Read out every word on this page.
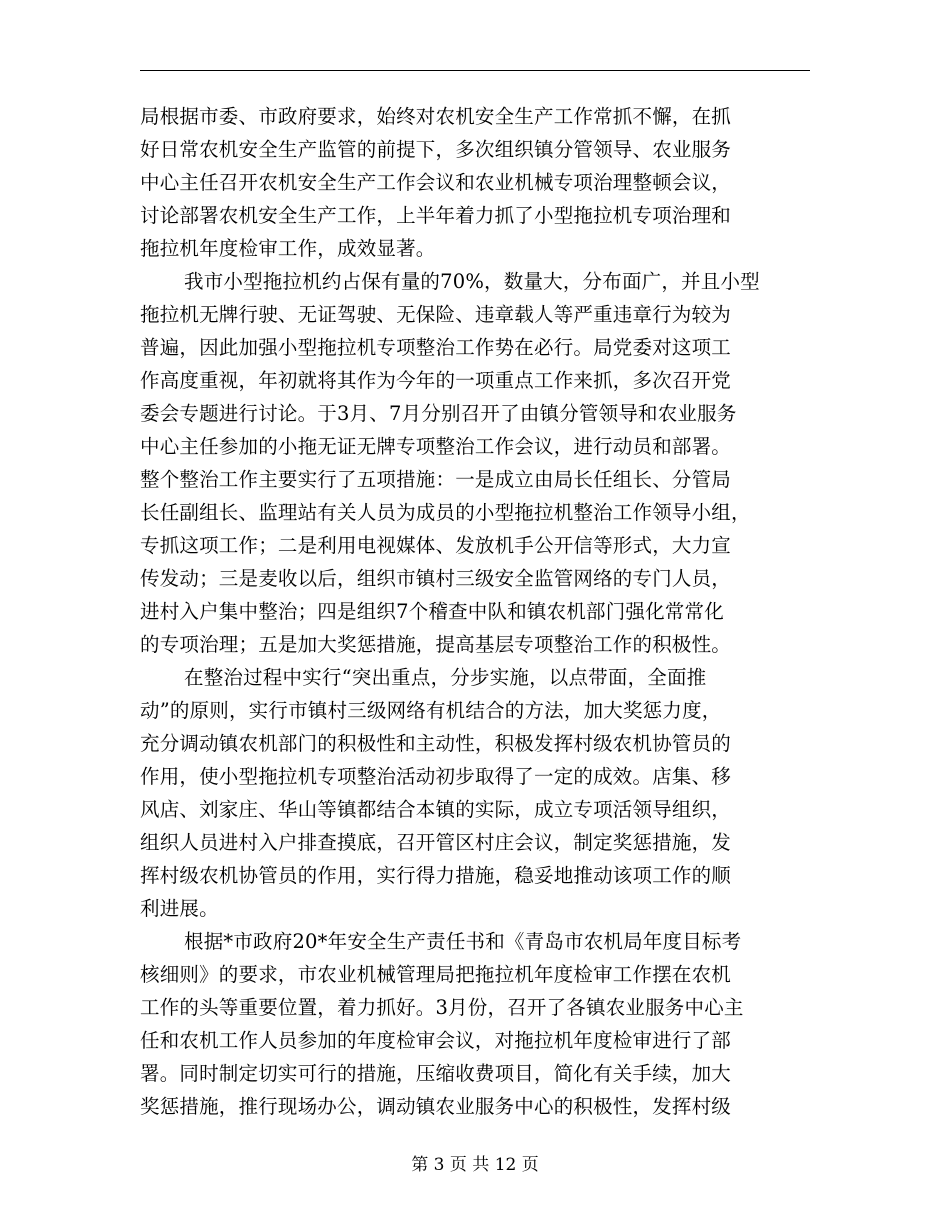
局根据市委、市政府要求，始终对农机安全生产工作常抓不懈，在抓
好日常农机安全生产监管的前提下，多次组织镇分管领导、农业服务
中心主任召开农机安全生产工作会议和农业机械专项治理整顿会议，
讨论部署农机安全生产工作，上半年着力抓了小型拖拉机专项治理和
拖拉机年度检审工作，成效显著。
我市小型拖拉机约占保有量的70%，数量大，分布面广，并且小型
拖拉机无牌行驶、无证驾驶、无保险、违章载人等严重违章行为较为
普遍，因此加强小型拖拉机专项整治工作势在必行。局党委对这项工
作高度重视，年初就将其作为今年的一项重点工作来抓，多次召开党
委会专题进行讨论。于3月、7月分别召开了由镇分管领导和农业服务
中心主任参加的小拖无证无牌专项整治工作会议，进行动员和部署。
整个整治工作主要实行了五项措施：一是成立由局长任组长、分管局
长任副组长、监理站有关人员为成员的小型拖拉机整治工作领导小组，
专抓这项工作；二是利用电视媒体、发放机手公开信等形式，大力宣
传发动；三是麦收以后，组织市镇村三级安全监管网络的专门人员，
进村入户集中整治；四是组织7个稽查中队和镇农机部门强化常常化
的专项治理；五是加大奖惩措施，提高基层专项整治工作的积极性。
在整治过程中实行“突出重点，分步实施，以点带面，全面推
动”的原则，实行市镇村三级网络有机结合的方法，加大奖惩力度，
充分调动镇农机部门的积极性和主动性，积极发挥村级农机协管员的
作用，使小型拖拉机专项整治活动初步取得了一定的成效。店集、移
风店、刘家庄、华山等镇都结合本镇的实际，成立专项活领导组织，
组织人员进村入户排查摸底，召开管区村庄会议，制定奖惩措施，发
挥村级农机协管员的作用，实行得力措施，稳妥地推动该项工作的顺
利进展。
根据*市政府20*年安全生产责任书和《青岛市农机局年度目标考
核细则》的要求，市农业机械管理局把拖拉机年度检审工作摆在农机
工作的头等重要位置，着力抓好。3月份，召开了各镇农业服务中心主
任和农机工作人员参加的年度检审会议，对拖拉机年度检审进行了部
署。同时制定切实可行的措施，压缩收费项目，简化有关手续，加大
奖惩措施，推行现场办公，调动镇农业服务中心的积极性，发挥村级
第 3 页 共 12 页
